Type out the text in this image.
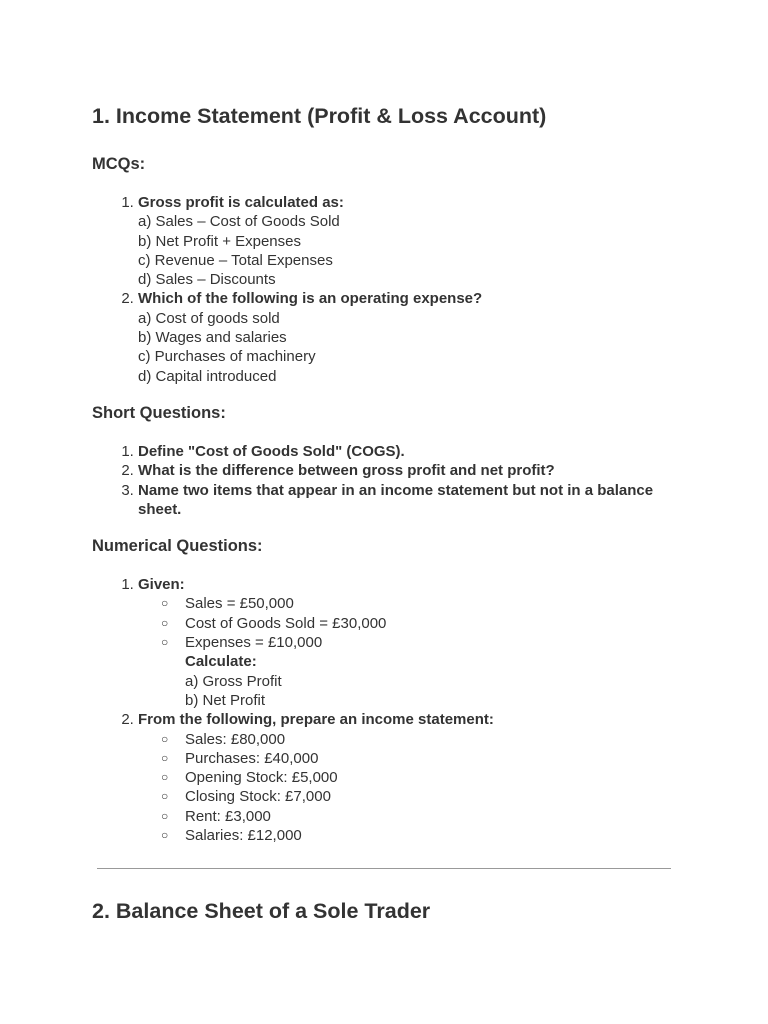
1. Income Statement (Profit & Loss Account)
MCQs:
1. Gross profit is calculated as:
a) Sales – Cost of Goods Sold
b) Net Profit + Expenses
c) Revenue – Total Expenses
d) Sales – Discounts
2. Which of the following is an operating expense?
a) Cost of goods sold
b) Wages and salaries
c) Purchases of machinery
d) Capital introduced
Short Questions:
1. Define "Cost of Goods Sold" (COGS).
2. What is the difference between gross profit and net profit?
3. Name two items that appear in an income statement but not in a balance sheet.
Numerical Questions:
1. Given:
○ Sales = £50,000
○ Cost of Goods Sold = £30,000
○ Expenses = £10,000
Calculate:
a) Gross Profit
b) Net Profit
2. From the following, prepare an income statement:
○ Sales: £80,000
○ Purchases: £40,000
○ Opening Stock: £5,000
○ Closing Stock: £7,000
○ Rent: £3,000
○ Salaries: £12,000
2. Balance Sheet of a Sole Trader
